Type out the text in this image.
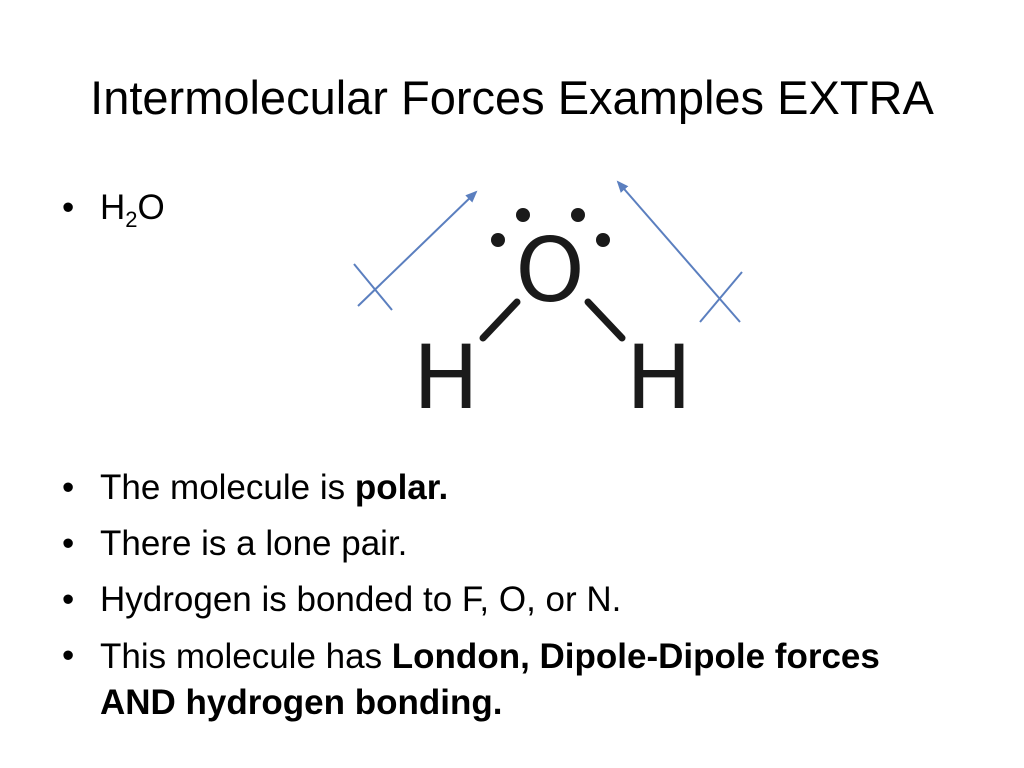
Intermolecular Forces Examples EXTRA
• $H_2O$
O
H H
• The molecule is polar.
• There is a lone pair.
• Hydrogen is bonded to F, O, or N.
• This molecule has London, Dipole-Dipole forces
AND hydrogen bonding.
